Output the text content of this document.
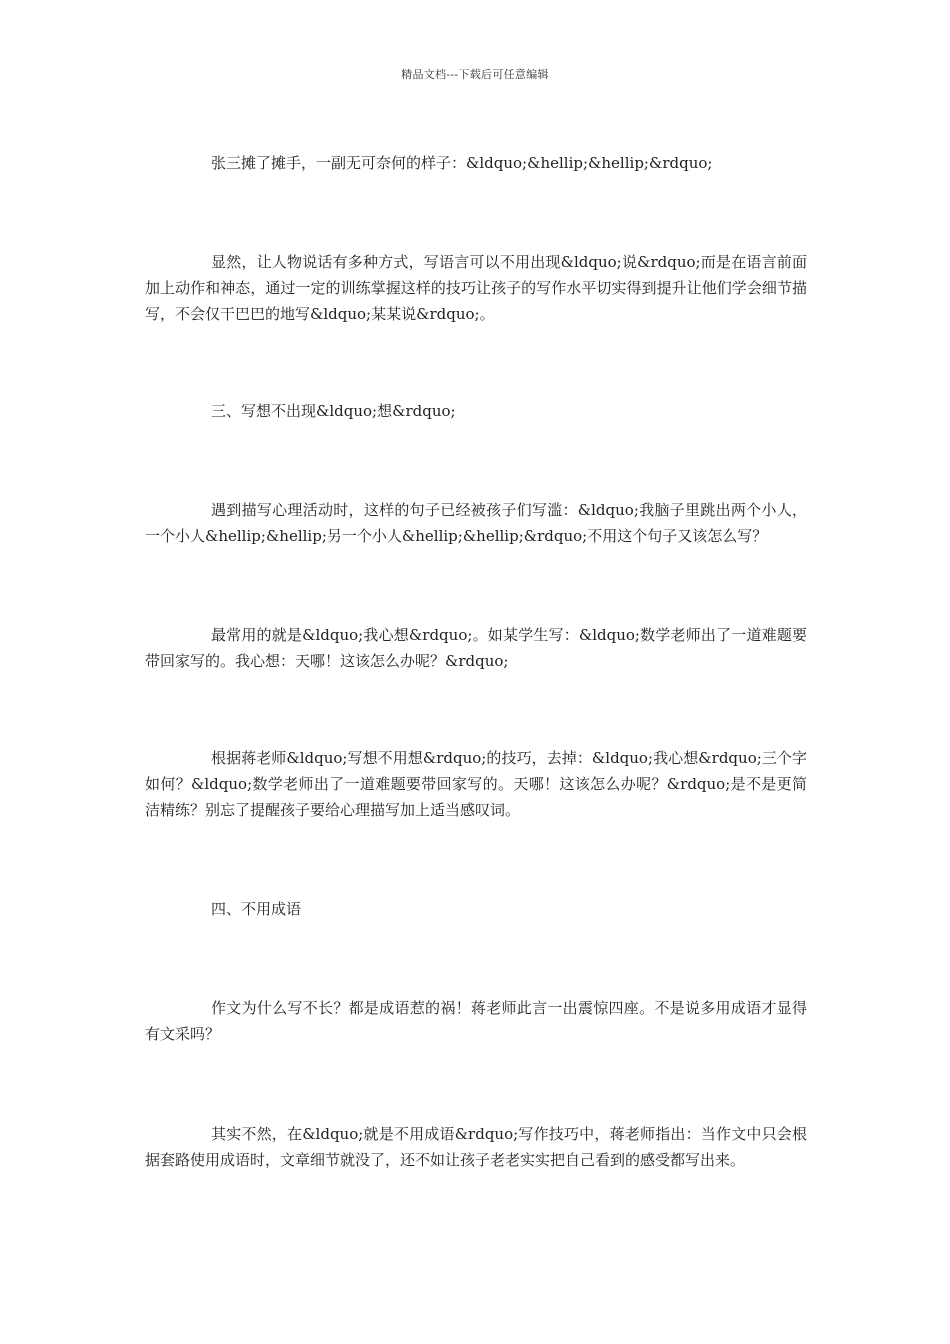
精品文档---下载后可任意编辑

张三摊了摊手，一副无可奈何的样子：&ldquo;&hellip;&hellip;&rdquo;

显然，让人物说话有多种方式，写语言可以不用出现&ldquo;说&rdquo;而是在语言前面加上动作和神态，通过一定的训练掌握这样的技巧让孩子的写作水平切实得到提升让他们学会细节描写，不会仅干巴巴的地写&ldquo;某某说&rdquo;。

三、写想不出现&ldquo;想&rdquo;

遇到描写心理活动时，这样的句子已经被孩子们写滥：&ldquo;我脑子里跳出两个小人，一个小人&hellip;&hellip;另一个小人&hellip;&hellip;&rdquo;不用这个句子又该怎么写？

最常用的就是&ldquo;我心想&rdquo;。如某学生写：&ldquo;数学老师出了一道难题要带回家写的。我心想：天哪！这该怎么办呢？&rdquo;

根据蒋老师&ldquo;写想不用想&rdquo;的技巧，去掉：&ldquo;我心想&rdquo;三个字如何？&ldquo;数学老师出了一道难题要带回家写的。天哪！这该怎么办呢？&rdquo;是不是更简洁精练？别忘了提醒孩子要给心理描写加上适当感叹词。

四、不用成语

作文为什么写不长？都是成语惹的祸！蒋老师此言一出震惊四座。不是说多用成语才显得有文采吗？

其实不然，在&ldquo;就是不用成语&rdquo;写作技巧中，蒋老师指出：当作文中只会根据套路使用成语时，文章细节就没了，还不如让孩子老老实实把自己看到的感受都写出来。
